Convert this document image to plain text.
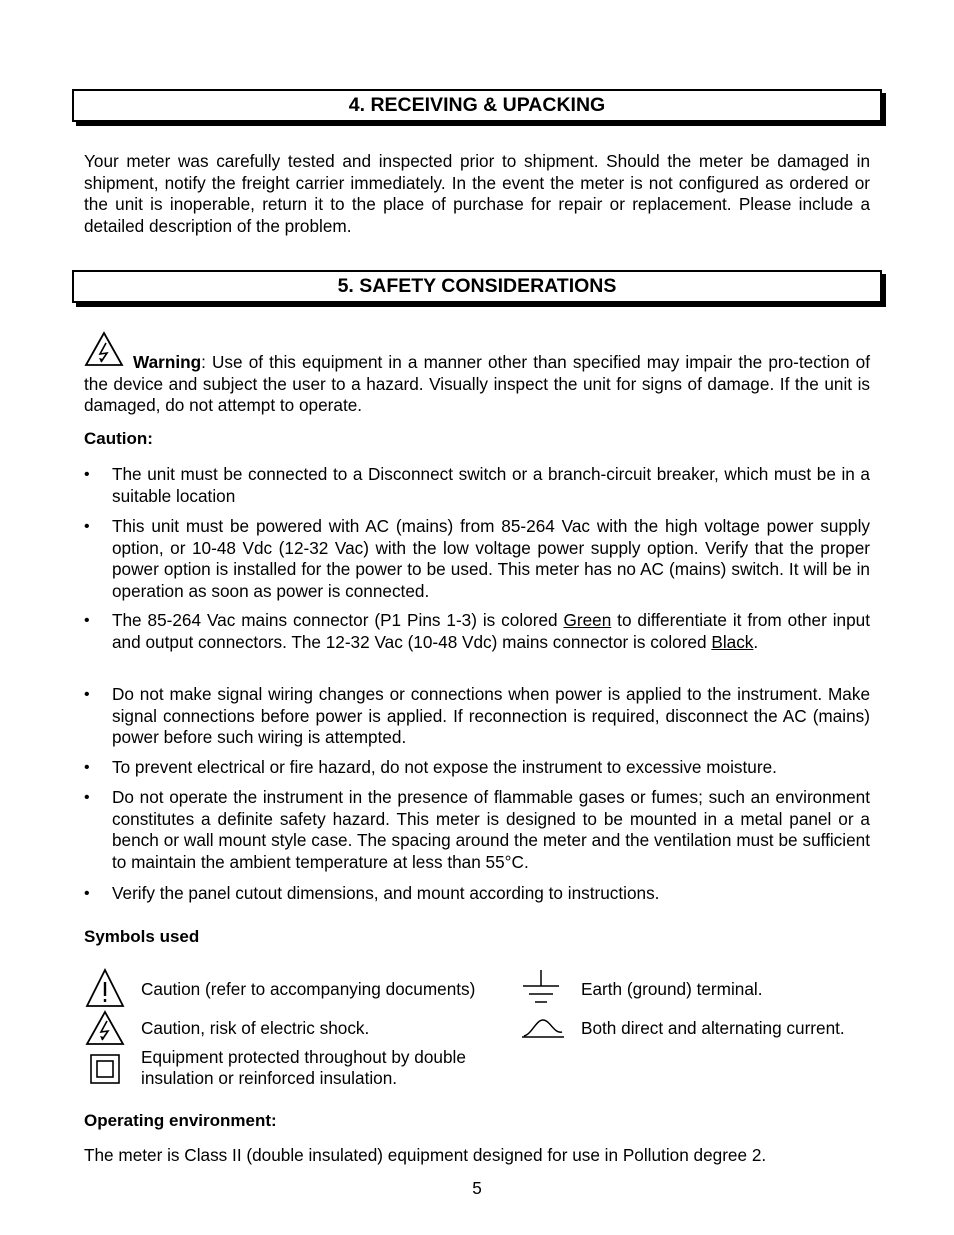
4. RECEIVING & UPACKING
Your meter was carefully tested and inspected prior to shipment. Should the meter be damaged in shipment, notify the freight carrier immediately. In the event the meter is not configured as ordered or the unit is inoperable, return it to the place of purchase for repair or replacement. Please include a detailed description of the problem.
5. SAFETY CONSIDERATIONS
Warning: Use of this equipment in a manner other than specified may impair the pro-tection of the device and subject the user to a hazard. Visually inspect the unit for signs of damage. If the unit is damaged, do not attempt to operate.
Caution:
•	The unit must be connected to a Disconnect switch or a branch-circuit breaker, which must be in a suitable location
•	This unit must be powered with AC (mains) from 85-264 Vac with the high voltage power supply option, or 10-48 Vdc (12-32 Vac) with the low voltage power supply option. Verify that the proper power option is installed for the power to be used. This meter has no AC (mains) switch. It will be in operation as soon as power is connected.
•	The 85-264 Vac mains connector (P1 Pins 1-3) is colored Green to differentiate it from other input and output connectors. The 12-32 Vac (10-48 Vdc) mains connector is colored Black.
•	Do not make signal wiring changes or connections when power is applied to the instrument. Make signal connections before power is applied. If reconnection is required, disconnect the AC (mains) power before such wiring is attempted.
•	To prevent electrical or fire hazard, do not expose the instrument to excessive moisture.
•	Do not operate the instrument in the presence of flammable gases or fumes; such an environment constitutes a definite safety hazard. This meter is designed to be mounted in a metal panel or a bench or wall mount style case. The spacing around the meter and the ventilation must be sufficient to maintain the ambient temperature at less than 55°C.
•	Verify the panel cutout dimensions, and mount according to instructions.
Symbols used
Caution (refer to accompanying documents)	Earth (ground) terminal.
Caution, risk of electric shock.	Both direct and alternating current.
Equipment protected throughout by double insulation or reinforced insulation.
Operating environment:
The meter is Class II (double insulated) equipment designed for use in Pollution degree 2.
5
